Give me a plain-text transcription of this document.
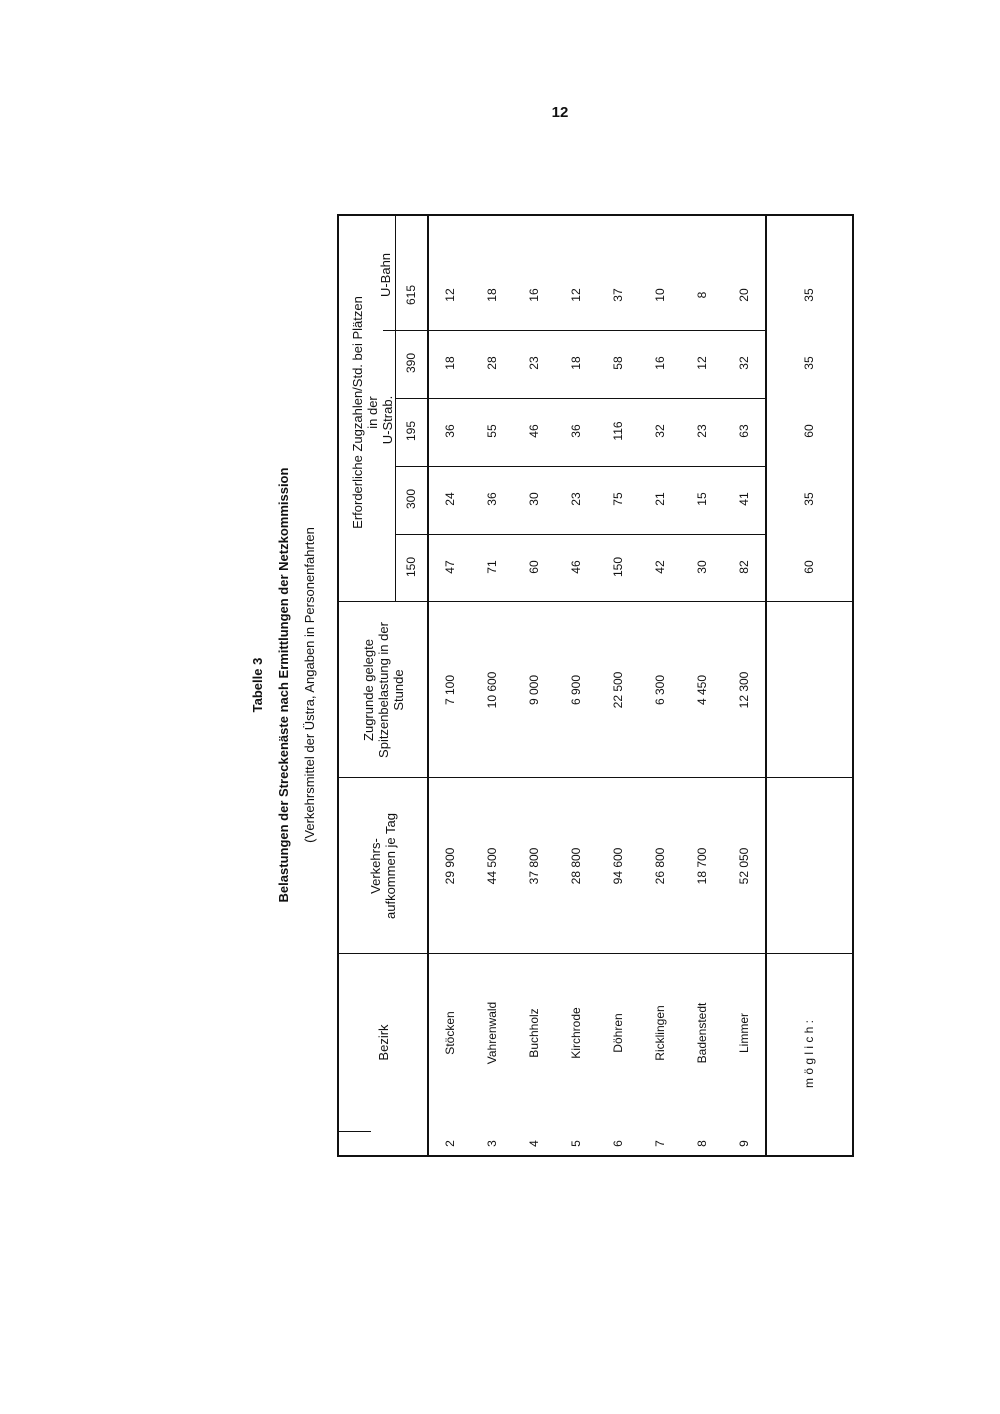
12
Tabelle 3 Belastungen der Streckenäste nach Ermittlungen der Netzkommission (Verkehrsmittel der Üstra, Angaben in Personenfahrten
Bezirk
Verkehrs- aufkommen je Tag
Zugrunde gelegte Spitzenbelastung in der Stunde
Erforderliche Zugzahlen/Std. bei Plätzen in der U-Strab.
U-Bahn
150
300
195
390
615
2
Stöcken
29 900
7 100
47
24
36
18
12
3
Vahrenwald
44 500
10 600
71
36
55
28
18
4
Buchholz
37 800
9 000
60
30
46
23
16
5
Kirchrode
28 800
6 900
46
23
36
18
12
6
Döhren
94 600
22 500
150
75
116
58
37
7
Ricklingen
26 800
6 300
42
21
32
16
10
8
Badenstedt
18 700
4 450
30
15
23
12
8
9
Limmer
52 050
12 300
82
41
63
32
20
m ö g l i c h :
60
35
60
35
35
